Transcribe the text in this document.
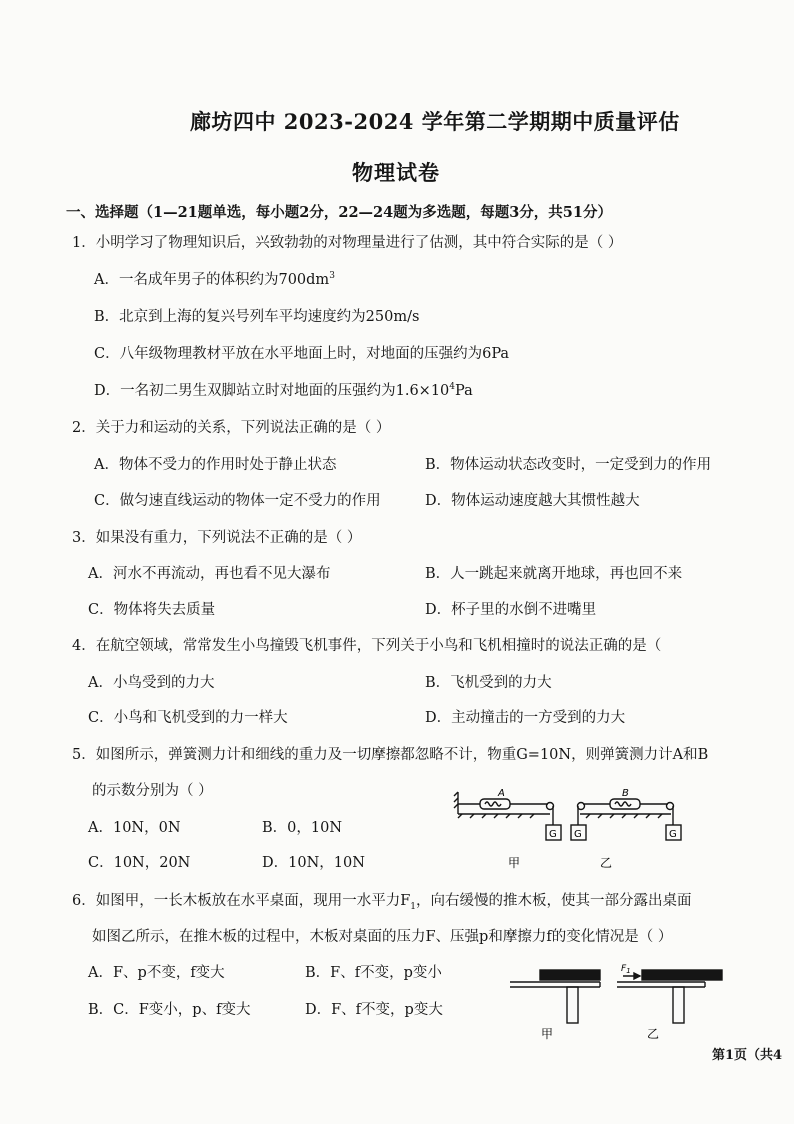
廊坊四中 2023-2024 学年第二学期期中质量评估
物理试卷
一、选择题（1—21题单选，每小题2分，22—24题为多选题，每题3分，共51分）
1．小明学习了物理知识后，兴致勃勃的对物理量进行了估测，其中符合实际的是（ ）
A．一名成年男子的体积约为$700dm^3$
B．北京到上海的复兴号列车平均速度约为250m/s
C．八年级物理教材平放在水平地面上时，对地面的压强约为6Pa
D．一名初二男生双脚站立时对地面的压强约为$1.6\times 10^4Pa$
2．关于力和运动的关系，下列说法正确的是（ ）
A．物体不受力的作用时处于静止状态	B．物体运动状态改变时，一定受到力的作用
C．做匀速直线运动的物体一定不受力的作用	D．物体运动速度越大其惯性越大
3．如果没有重力，下列说法不正确的是（ ）
A．河水不再流动，再也看不见大瀑布	B．人一跳起来就离开地球，再也回不来
C．物体将失去质量	D．杯子里的水倒不进嘴里
4．在航空领域，常常发生小鸟撞毁飞机事件，下列关于小鸟和飞机相撞时的说法正确的是（
A．小鸟受到的力大	B．飞机受到的力大
C．小鸟和飞机受到的力一样大	D．主动撞击的一方受到的力大
5．如图所示，弹簧测力计和细线的重力及一切摩擦都忽略不计，物重G=10N，则弹簧测力计A和B
的示数分别为（ ）
A．10N，0N	B．0，10N
C．10N，20N	D．10N，10N
A	B
G G	G
甲	乙
6．如图甲，一长木板放在水平桌面，现用一水平力$F_1$，向右缓慢的推木板，使其一部分露出桌面
如图乙所示，在推木板的过程中，木板对桌面的压力F、压强p和摩擦力f的变化情况是（ ）
A．F、p不变，f变大	B．F、f不变，p变小
B．C．F变小，p、f变大	D．F、f不变，p变大
$F_1$
甲	乙
第1页（共4
